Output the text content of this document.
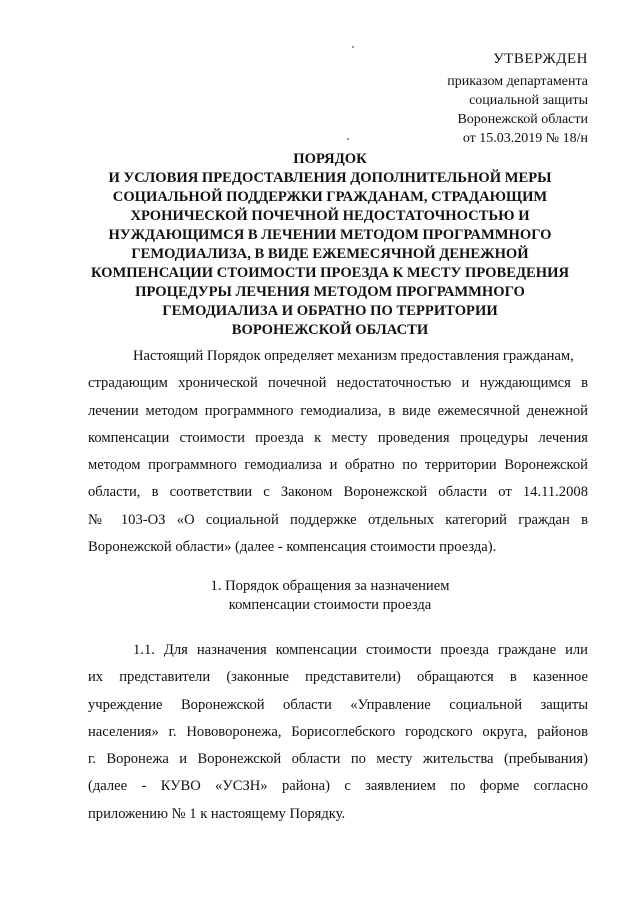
УТВЕРЖДЕН
приказом департамента
социальной защиты
Воронежской области
от 15.03.2019 № 18/н
ПОРЯДОК
И УСЛОВИЯ ПРЕДОСТАВЛЕНИЯ ДОПОЛНИТЕЛЬНОЙ МЕРЫ
СОЦИАЛЬНОЙ ПОДДЕРЖКИ ГРАЖДАНАМ, СТРАДАЮЩИМ
ХРОНИЧЕСКОЙ ПОЧЕЧНОЙ НЕДОСТАТОЧНОСТЬЮ И
НУЖДАЮЩИМСЯ В ЛЕЧЕНИИ МЕТОДОМ ПРОГРАММНОГО
ГЕМОДИАЛИЗА, В ВИДЕ ЕЖЕМЕСЯЧНОЙ ДЕНЕЖНОЙ
КОМПЕНСАЦИИ СТОИМОСТИ ПРОЕЗДА К МЕСТУ ПРОВЕДЕНИЯ
ПРОЦЕДУРЫ ЛЕЧЕНИЯ МЕТОДОМ ПРОГРАММНОГО
ГЕМОДИАЛИЗА И ОБРАТНО ПО ТЕРРИТОРИИ
ВОРОНЕЖСКОЙ ОБЛАСТИ
Настоящий Порядок определяет механизм предоставления гражданам,
страдающим хронической почечной недостаточностью и нуждающимся в
лечении методом программного гемодиализа, в виде ежемесячной денежной
компенсации стоимости проезда к месту проведения процедуры лечения
методом программного гемодиализа и обратно по территории Воронежской
области, в соответствии с Законом Воронежской области от 14.11.2008
№ 103-ОЗ «О социальной поддержке отдельных категорий граждан в
Воронежской области» (далее - компенсация стоимости проезда).
1. Порядок обращения за назначением
компенсации стоимости проезда
1.1. Для назначения компенсации стоимости проезда граждане или
их представители (законные представители) обращаются в казенное
учреждение Воронежской области «Управление социальной защиты
населения» г. Нововоронежа, Борисоглебского городского округа, районов
г. Воронежа и Воронежской области по месту жительства (пребывания)
(далее - КУВО «УСЗН» района) с заявлением по форме согласно
приложению № 1 к настоящему Порядку.
